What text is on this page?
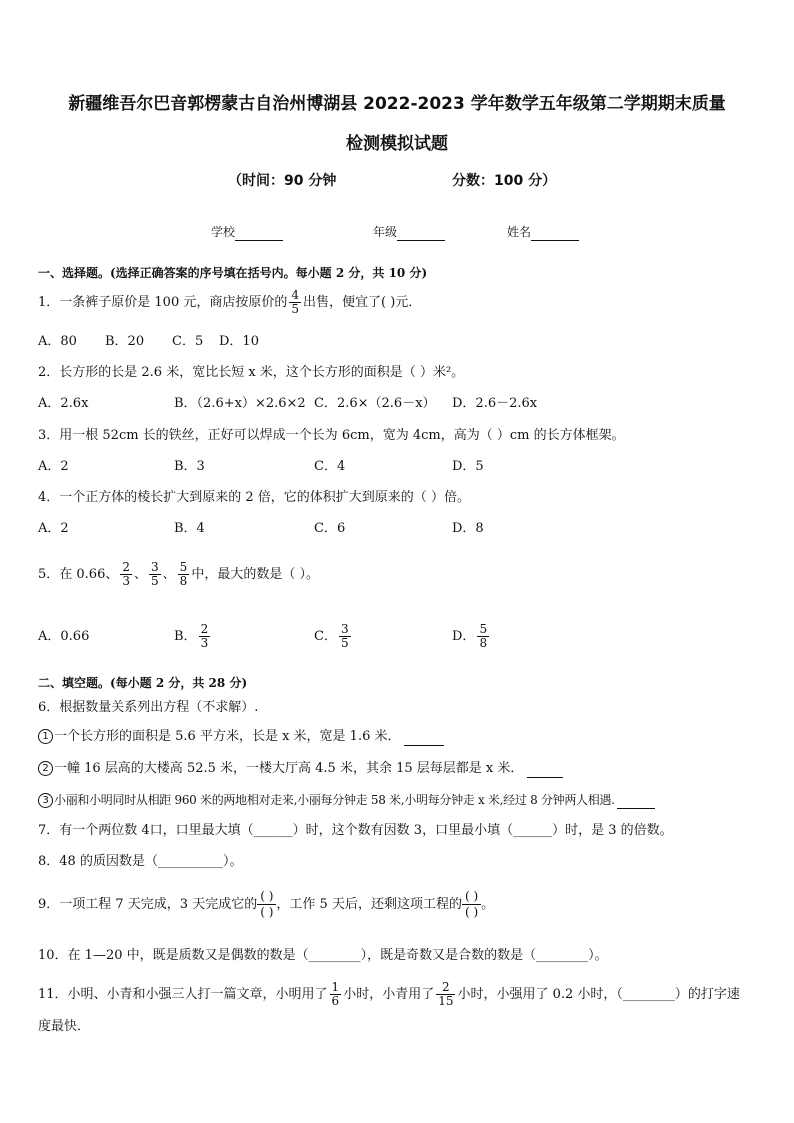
新疆维吾尔巴音郭楞蒙古自治州博湖县 2022-2023 学年数学五年级第二学期期末质量
检测模拟试题
（时间：90 分钟	分数：100 分）
学校	年级	姓名
一、选择题。(选择正确答案的序号填在括号内。每小题 2 分，共 10 分)
1．一条裤子原价是 100 元，商店按原价的 $\frac{4}{5}$ 出售，便宜了( )元．
A．80 B．20 C．5 D．10
2．长方形的长是 2.6 米，宽比长短 x 米，这个长方形的面积是（ ）米²。
A．2.6x	B．（2.6+x）×2.6×2 C．2.6×（2.6－x） D．2.6－2.6x
3．用一根 52cm 长的铁丝，正好可以焊成一个长为 6cm，宽为 4cm，高为（ ）cm 的长方体框架。
A．2	B．3	C．4	D．5
4．一个正方体的棱长扩大到原来的 2 倍，它的体积扩大到原来的（ ）倍。
A．2	B．4	C．6	D．8
5．在 0.66、 $\frac{2}{3}$ 、 $\frac{3}{5}$ 、 $\frac{5}{8}$ 中，最大的数是（ ）。
A．0.66	B． $\frac{2}{3}$	C． $\frac{3}{5}$	D． $\frac{5}{8}$
二、填空题。(每小题 2 分，共 28 分)
6．根据数量关系列出方程（不求解）.
1 一个长方形的面积是 5.6 平方米，长是 x 米，宽是 1.6 米．
2 一幢 16 层高的大楼高 52.5 米，一楼大厅高 4.5 米，其余 15 层每层都是 x 米．
3 小丽和小明同时从相距 960 米的两地相对走来,小丽每分钟走 58 米,小明每分钟走 x 米,经过 8 分钟两人相遇.
7．有一个两位数 4口，口里最大填（______）时，这个数有因数 3，口里最小填（______）时，是 3 的倍数。
8．48 的质因数是（__________）。
9．一项工程 7 天完成，3 天完成它的
( )
( ) ，工作 5 天后，还剩这项工程的
( )
( ) 。
10．在 1—20 中，既是质数又是偶数的数是（________），既是奇数又是合数的数是（________）。
11．小明、小青和小强三人打一篇文章，小明用了 $\frac{1}{6}$ 小时，小青用了 $\frac{2}{15}$ 小时，小强用了 0.2 小时，（________）的打字速
度最快．
